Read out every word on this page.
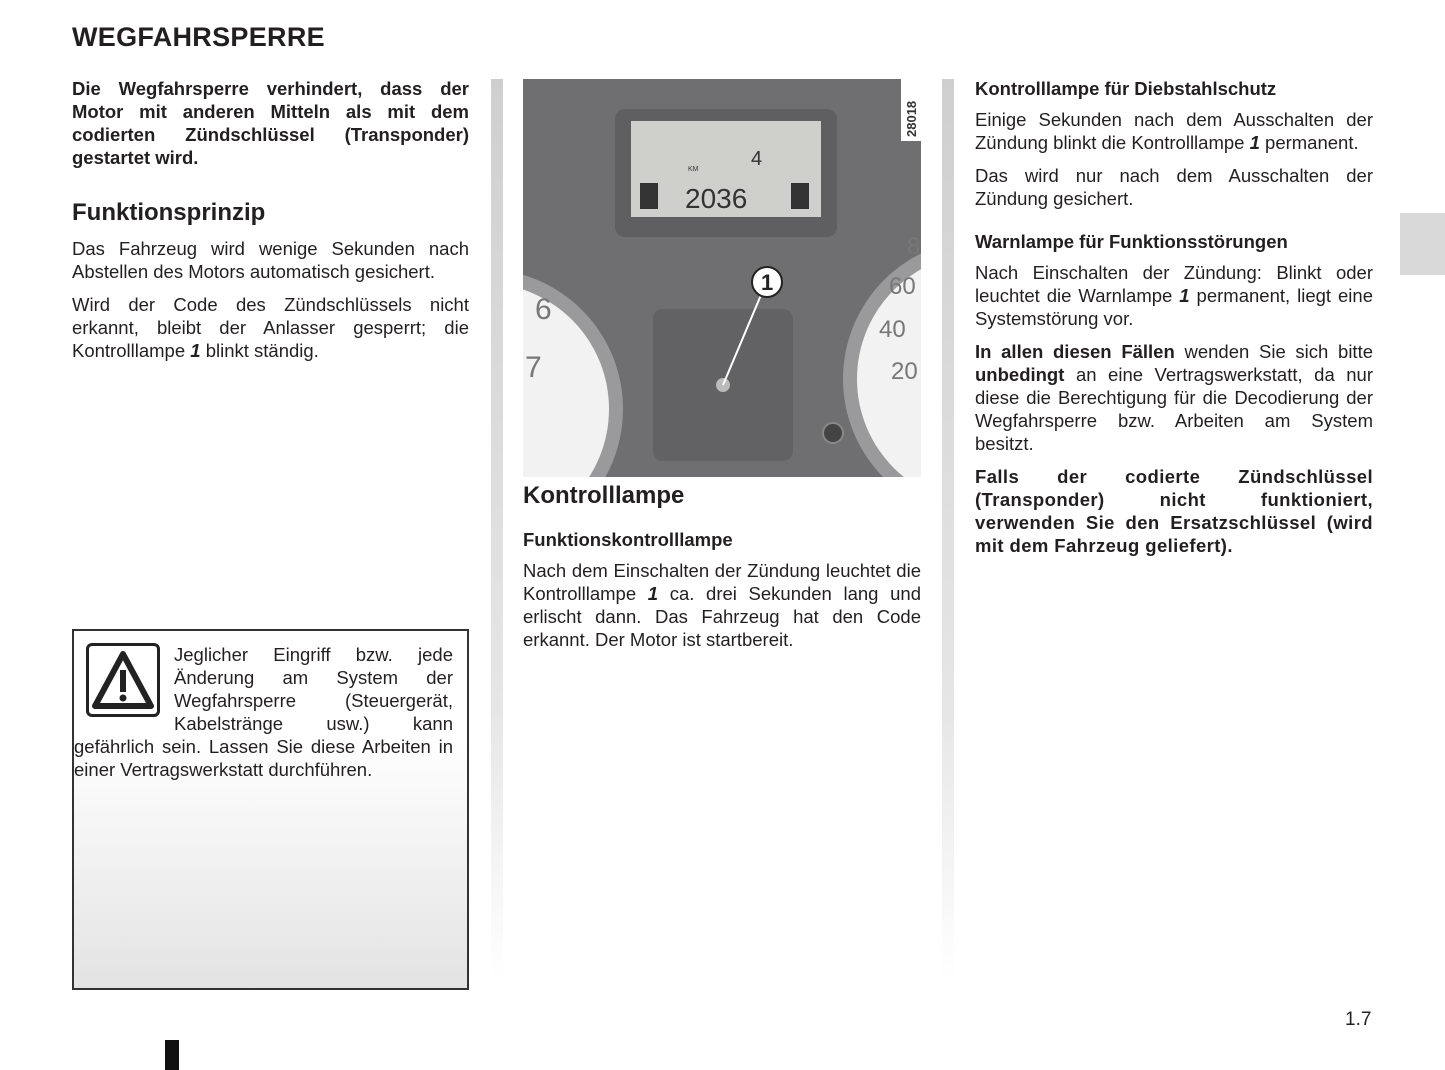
WEGFAHRSPERRE

Die Wegfahrsperre verhindert, dass der Motor mit anderen Mitteln als mit dem codierten Zündschlüssel (Transponder) gestartet wird.

Funktionsprinzip

Das Fahrzeug wird wenige Sekunden nach Abstellen des Motors automatisch gesichert.

Wird der Code des Zündschlüssels nicht erkannt, bleibt der Anlasser gesperrt; die Kontrolllampe 1 blinkt ständig.

Jeglicher Eingriff bzw. jede Änderung am System der Wegfahrsperre (Steuergerät, Kabelstränge usw.) kann gefährlich sein. Lassen Sie diese Arbeiten in einer Vertragswerkstatt durchführen.

KM
2036
4
28018
6
7
60
40
20
8
1
Kontrolllampe
Funktionskontrolllampe

Nach dem Einschalten der Zündung leuchtet die Kontrolllampe 1 ca. drei Sekunden lang und erlischt dann. Das Fahrzeug hat den Code erkannt. Der Motor ist startbereit.

Kontrolllampe für Diebstahlschutz

Einige Sekunden nach dem Ausschalten der Zündung blinkt die Kontrolllampe 1 permanent.

Das wird nur nach dem Ausschalten der Zündung gesichert.

Warnlampe für Funktionsstörungen

Nach Einschalten der Zündung: Blinkt oder leuchtet die Warnlampe 1 permanent, liegt eine Systemstörung vor.

In allen diesen Fällen wenden Sie sich bitte unbedingt an eine Vertragswerkstatt, da nur diese die Berechtigung für die Decodierung der Wegfahrsperre bzw. Arbeiten am System besitzt.

Falls der codierte Zündschlüssel (Transponder) nicht funktioniert, verwenden Sie den Ersatzschlüssel (wird mit dem Fahrzeug geliefert).

1.7
